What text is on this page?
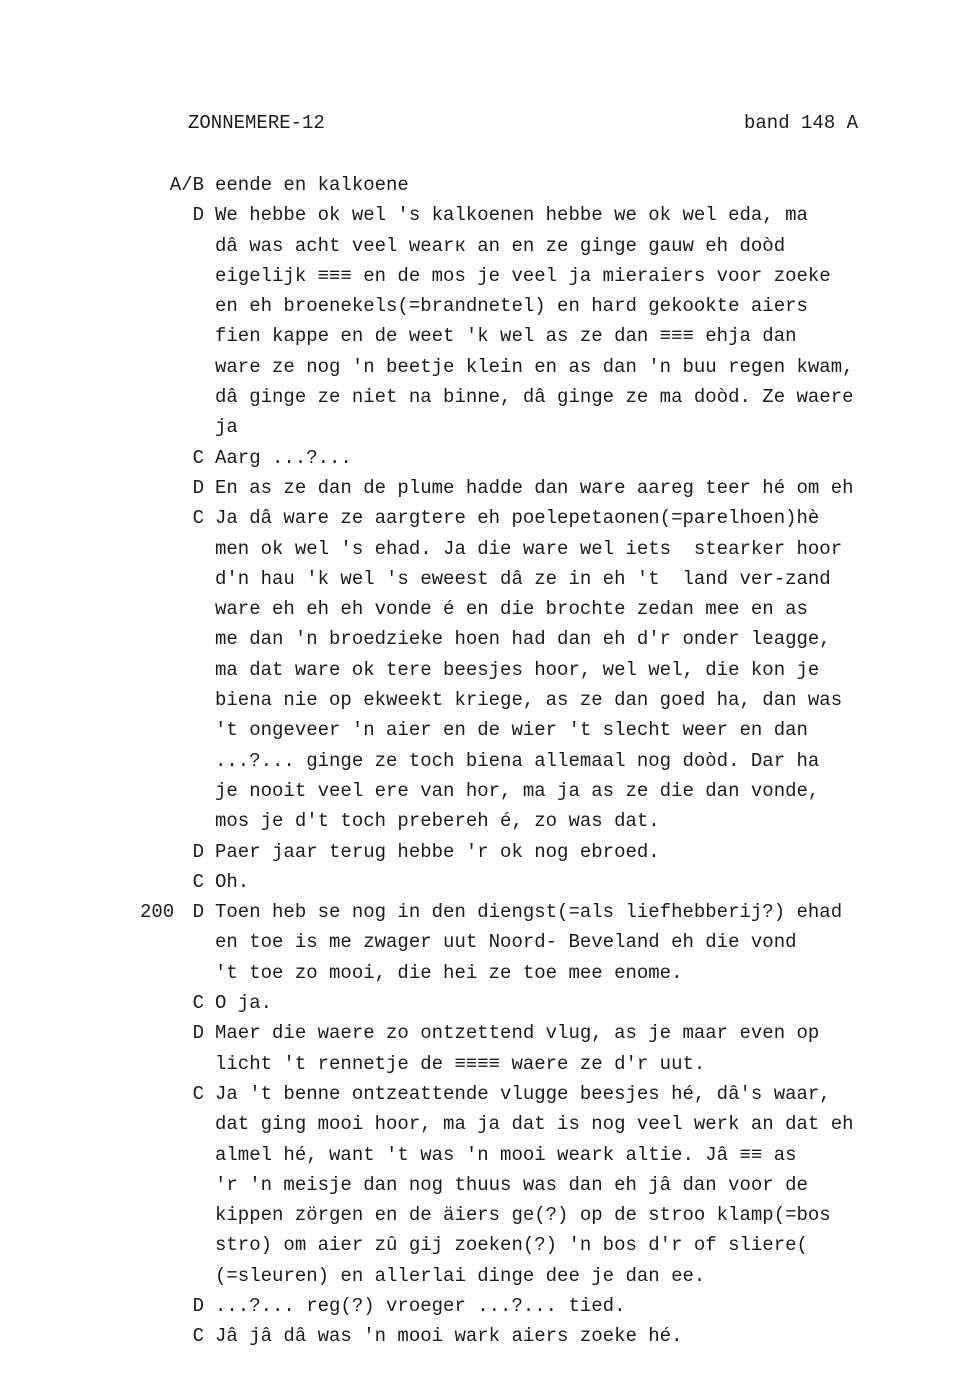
ZONNEMERE-12	band 148 A
A/B eende en kalkoene
D We hebbe ok wel 's kalkoenen hebbe we ok wel eda, ma
dâ was acht veel wearк an en ze ginge gauw eh doòd
eigelijk ≡≡≡ en de mos je veel ja mieraiers voor zoeke
en eh broenekels(=brandnetel) en hard gekookte aiers
fien kappe en de weet 'k wel as ze dan ≡≡≡ ehja dan
ware ze nog 'n beetje klein en as dan 'n buu regen kwam,
dâ ginge ze niet na binne, dâ ginge ze ma doòd. Ze waere
ja
C Aarg ...?...
D En as ze dan de plume hadde dan ware aareg teer hé om eh
C Ja dâ ware ze aargtere eh poelepetaonen(=parelhoen)hè
men ok wel 's ehad. Ja die ware wel iets  stearker hoor
d'n hau 'k wel 's eweest dâ ze in eh 't  land ver-zand
ware eh eh eh vonde é en die brochte zedan mee en as
me dan 'n broedzieke hoen had dan eh d'r onder leagge,
ma dat ware ok tere beesjes hoor, wel wel, die kon je
biena nie op ekweekt kriege, as ze dan goed ha, dan was
't ongeveer 'n aier en de wier 't slecht weer en dan
...?... ginge ze toch biena allemaal nog doòd. Dar ha
je nooit veel ere van hor, ma ja as ze die dan vonde,
mos je d't toch prebereh é, zo was dat.
D Paer jaar terug hebbe 'r ok nog ebroed.
C Oh.
200 D Toen heb se nog in den diengst(=als liefhebberij?) ehad
en toe is me zwager uut Noord- Beveland eh die vond
't toe zo mooi, die hei ze toe mee enome.
C O ja.
D Maer die waere zo ontzettend vlug, as je maar even op
licht 't rennetje de ≡≡≡≡ waere ze d'r uut.
C Ja 't benne ontzeattende vlugge beesjes hé, dâ's waar,
dat ging mooi hoor, ma ja dat is nog veel werk an dat eh
almel hé, want 't was 'n mooi weark altie. Jâ ≡≡ as
'r 'n meisje dan nog thuus was dan eh jâ dan voor de
kippen zörgen en de äiers ge(?) op de stroo klamp(=bos
stro) om aier zû gij zoeken(?) 'n bos d'r of sliere(
(=sleuren) en allerlai dinge dee je dan ee.
D ...?... reg(?) vroeger ...?... tied.
C Jâ jâ dâ was 'n mooi wark aiers zoeke hé.
